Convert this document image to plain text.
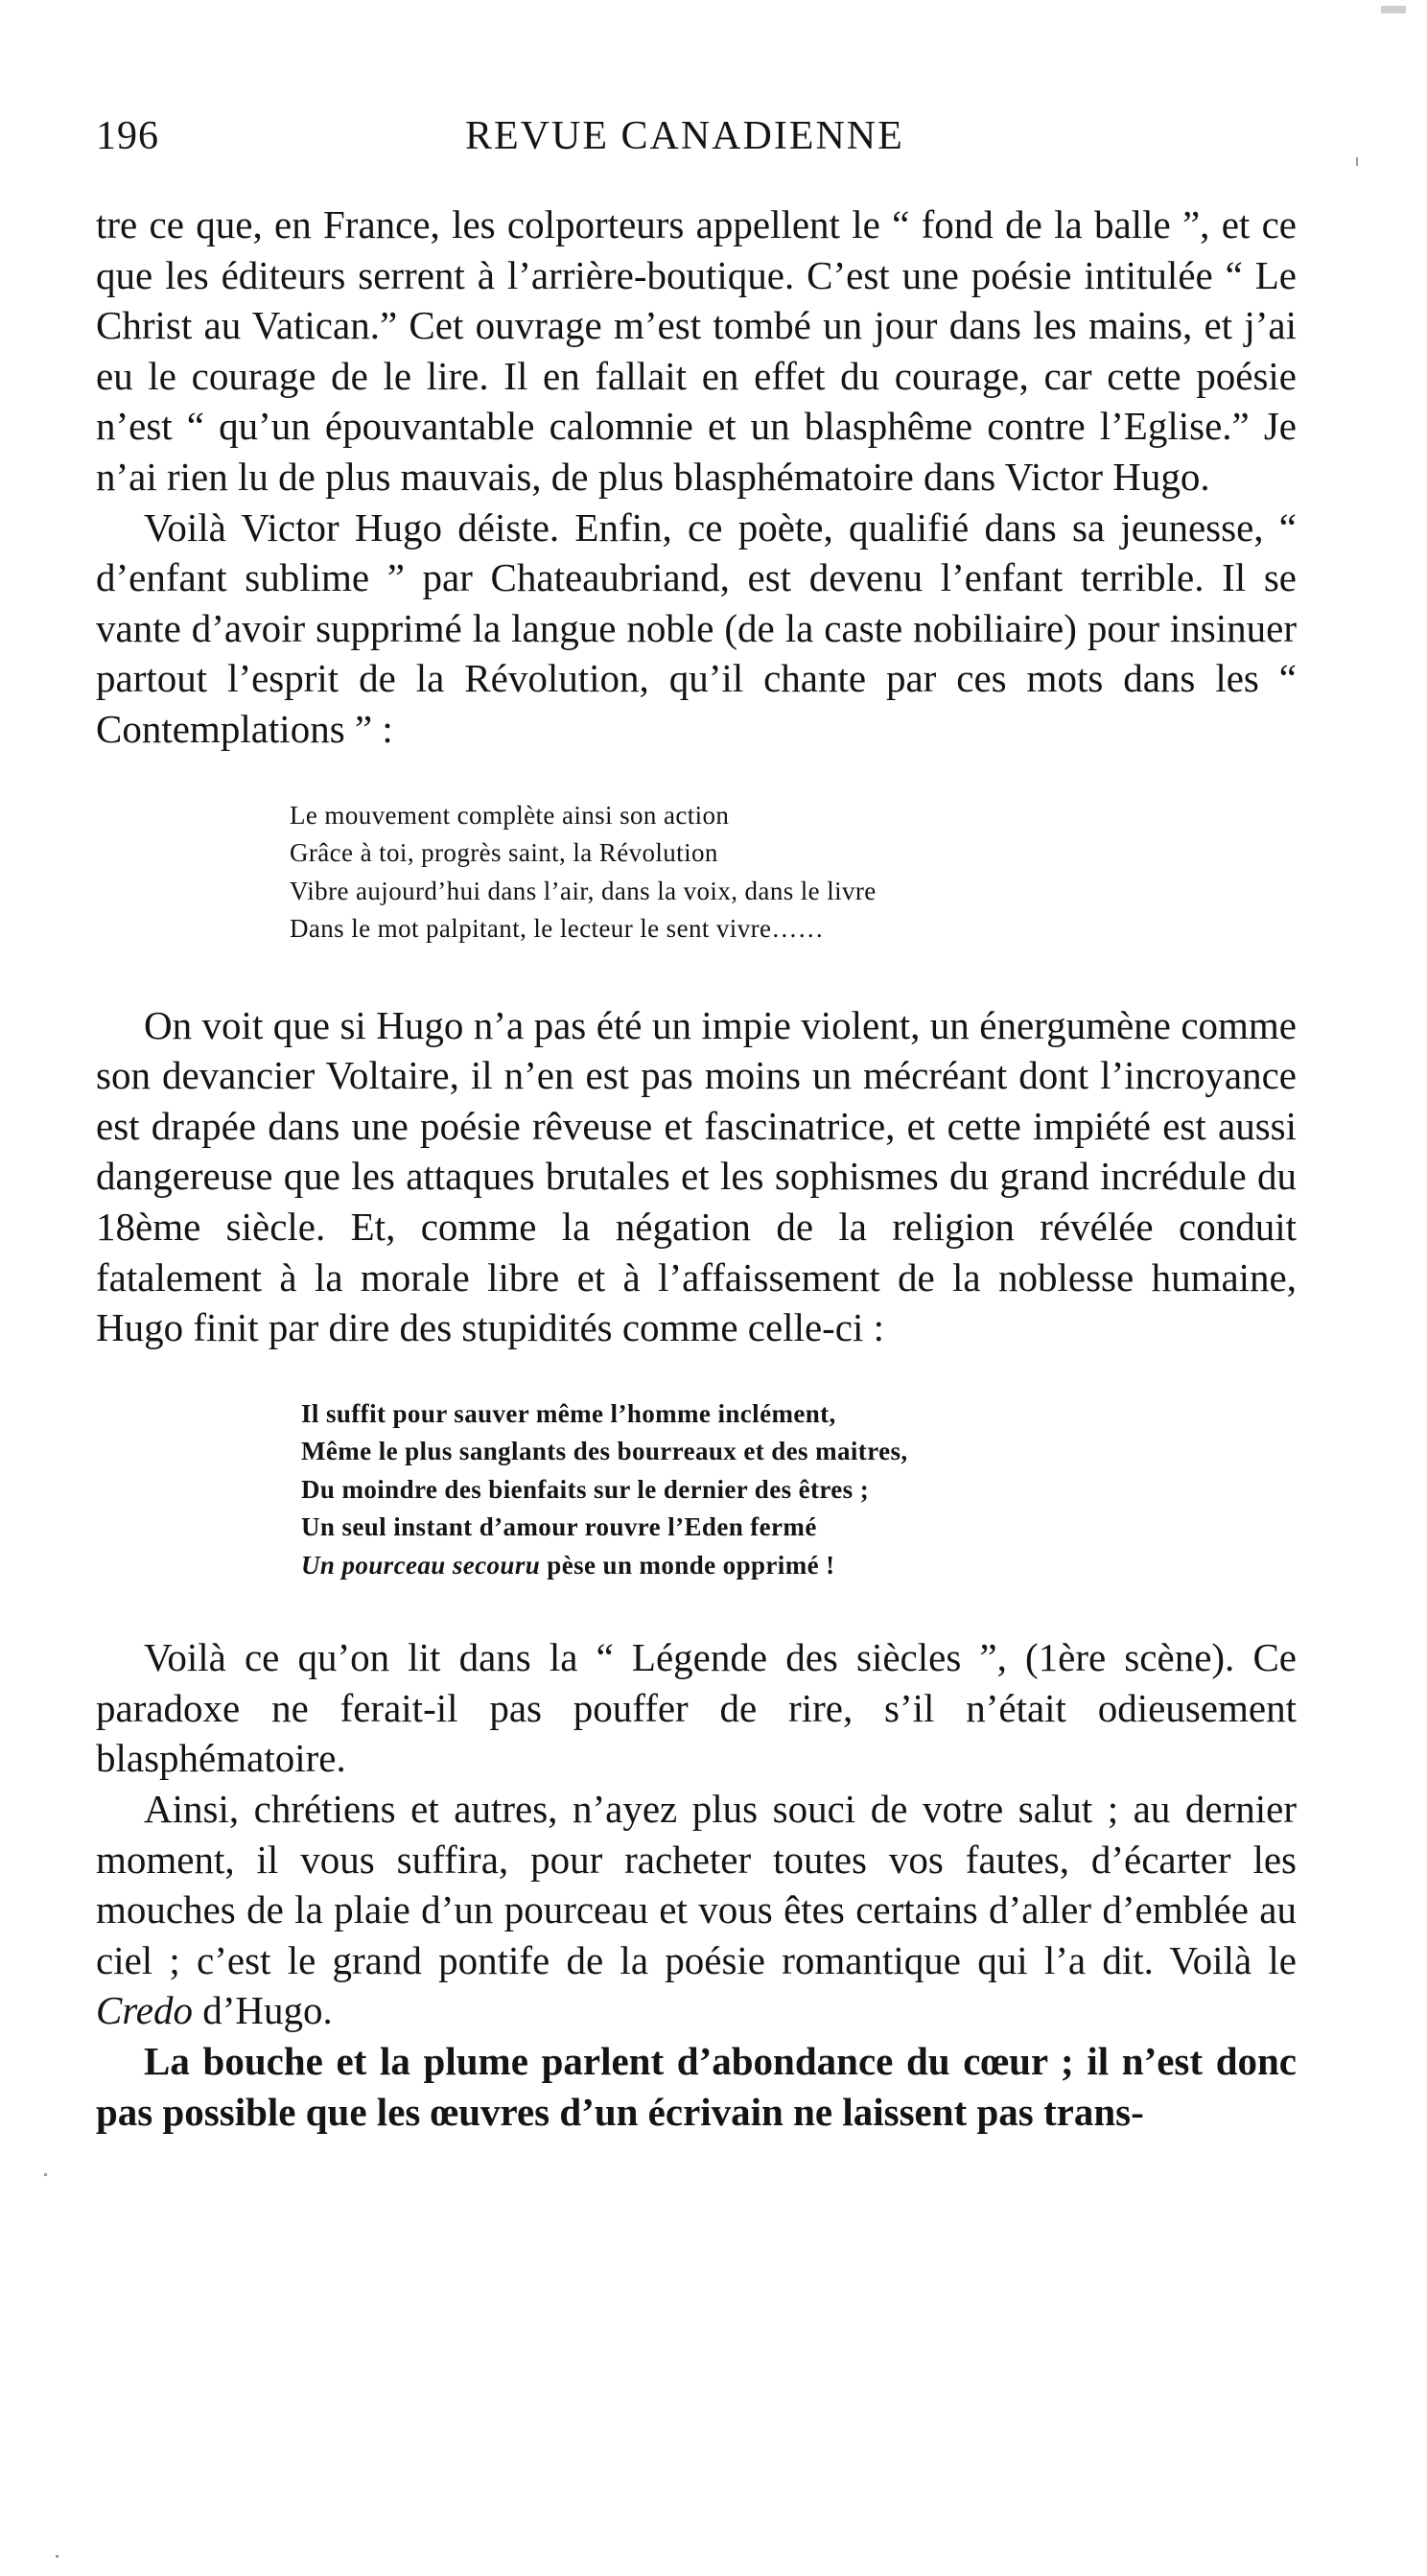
196	REVUE CANADIENNE

tre ce que, en France, les colporteurs appellent le “ fond de la balle ”, et ce que les éditeurs serrent à l’arrière-boutique. C’est une poésie intitulée “ Le Christ au Vatican.” Cet ouvrage m’est tombé un jour dans les mains, et j’ai eu le courage de le lire. Il en fallait en effet du courage, car cette poésie n’est “ qu’un épouvantable calomnie et un blasphême contre l’Eglise.” Je n’ai rien lu de plus mauvais, de plus blasphématoire dans Victor Hugo.

Voilà Victor Hugo déiste. Enfin, ce poète, qualifié dans sa jeunesse, “ d’enfant sublime ” par Chateaubriand, est devenu l’enfant terrible. Il se vante d’avoir supprimé la langue noble (de la caste nobiliaire) pour insinuer partout l’esprit de la Révolution, qu’il chante par ces mots dans les “ Contemplations ” :

Le mouvement complète ainsi son action
Grâce à toi, progrès saint, la Révolution
Vibre aujourd’hui dans l’air, dans la voix, dans le livre
Dans le mot palpitant, le lecteur le sent vivre……

On voit que si Hugo n’a pas été un impie violent, un énergumène comme son devancier Voltaire, il n’en est pas moins un mécréant dont l’incroyance est drapée dans une poésie rêveuse et fascinatrice, et cette impiété est aussi dangereuse que les attaques brutales et les sophismes du grand incrédule du 18ème siècle. Et, comme la négation de la religion révélée conduit fatalement à la morale libre et à l’affaissement de la noblesse humaine, Hugo finit par dire des stupidités comme celle-ci :

Il suffit pour sauver même l’homme inclément,
Même le plus sanglants des bourreaux et des maitres,
Du moindre des bienfaits sur le dernier des êtres ;
Un seul instant d’amour rouvre l’Eden fermé
Un pourceau secouru pèse un monde opprimé !

Voilà ce qu’on lit dans la “ Légende des siècles ”, (1ère scène). Ce paradoxe ne ferait-il pas pouffer de rire, s’il n’était odieusement blasphématoire.

Ainsi, chrétiens et autres, n’ayez plus souci de votre salut ; au dernier moment, il vous suffira, pour racheter toutes vos fautes, d’écarter les mouches de la plaie d’un pourceau et vous êtes certains d’aller d’emblée au ciel ; c’est le grand pontife de la poésie romantique qui l’a dit. Voilà le Credo d’Hugo.

La bouche et la plume parlent d’abondance du cœur ; il n’est donc pas possible que les œuvres d’un écrivain ne laissent pas trans-
